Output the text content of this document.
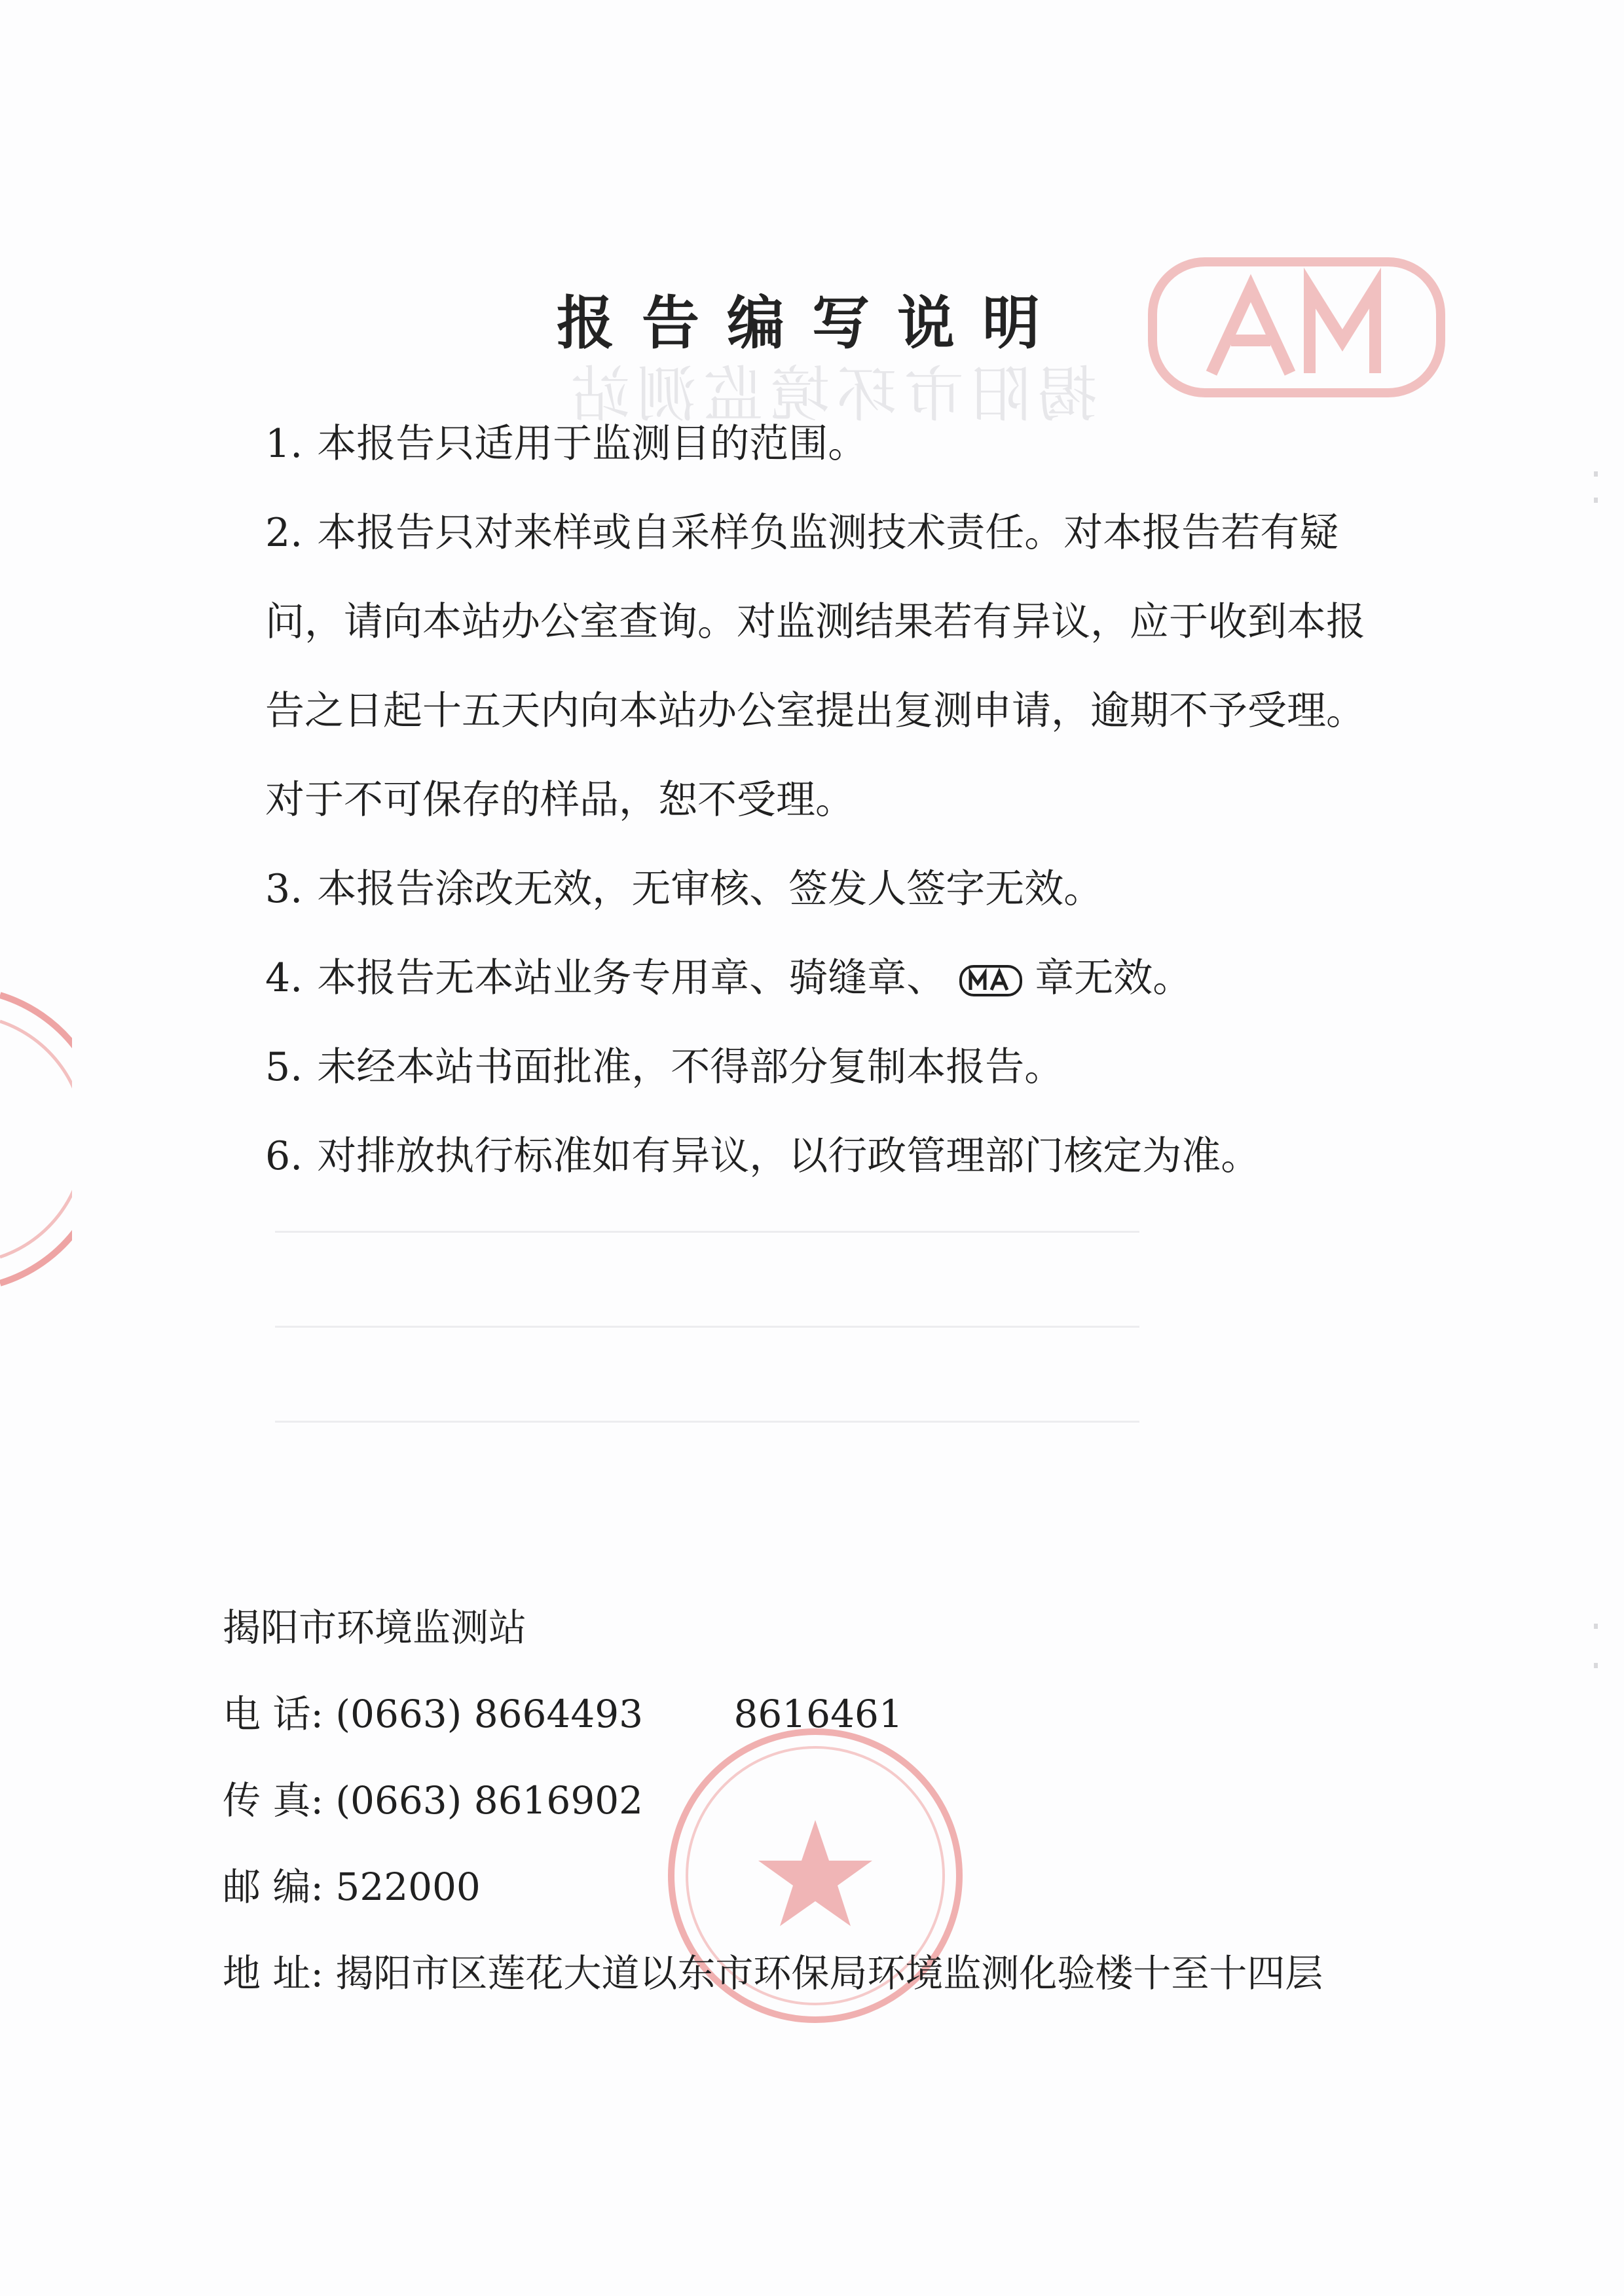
揭阳市环境监测站
报告编写说明

1. 本报告只适用于监测目的范围。

2. 本报告只对来样或自采样负监测技术责任。对本报告若有疑问，请向本站办公室查询。对监测结果若有异议，应于收到本报告之日起十五天内向本站办公室提出复测申请，逾期不予受理。对于不可保存的样品，恕不受理。

3. 本报告涂改无效，无审核、签发人签字无效。

4. 本报告无本站业务专用章、骑缝章、 章无效。

5. 未经本站书面批准，不得部分复制本报告。

6. 对排放执行标准如有异议，以行政管理部门核定为准。

揭阳市环境监测站
电 话: (0663) 8664493 8616461
传 真: (0663) 8616902
邮 编: 522000
地 址: 揭阳市区莲花大道以东市环保局环境监测化验楼十至十四层
